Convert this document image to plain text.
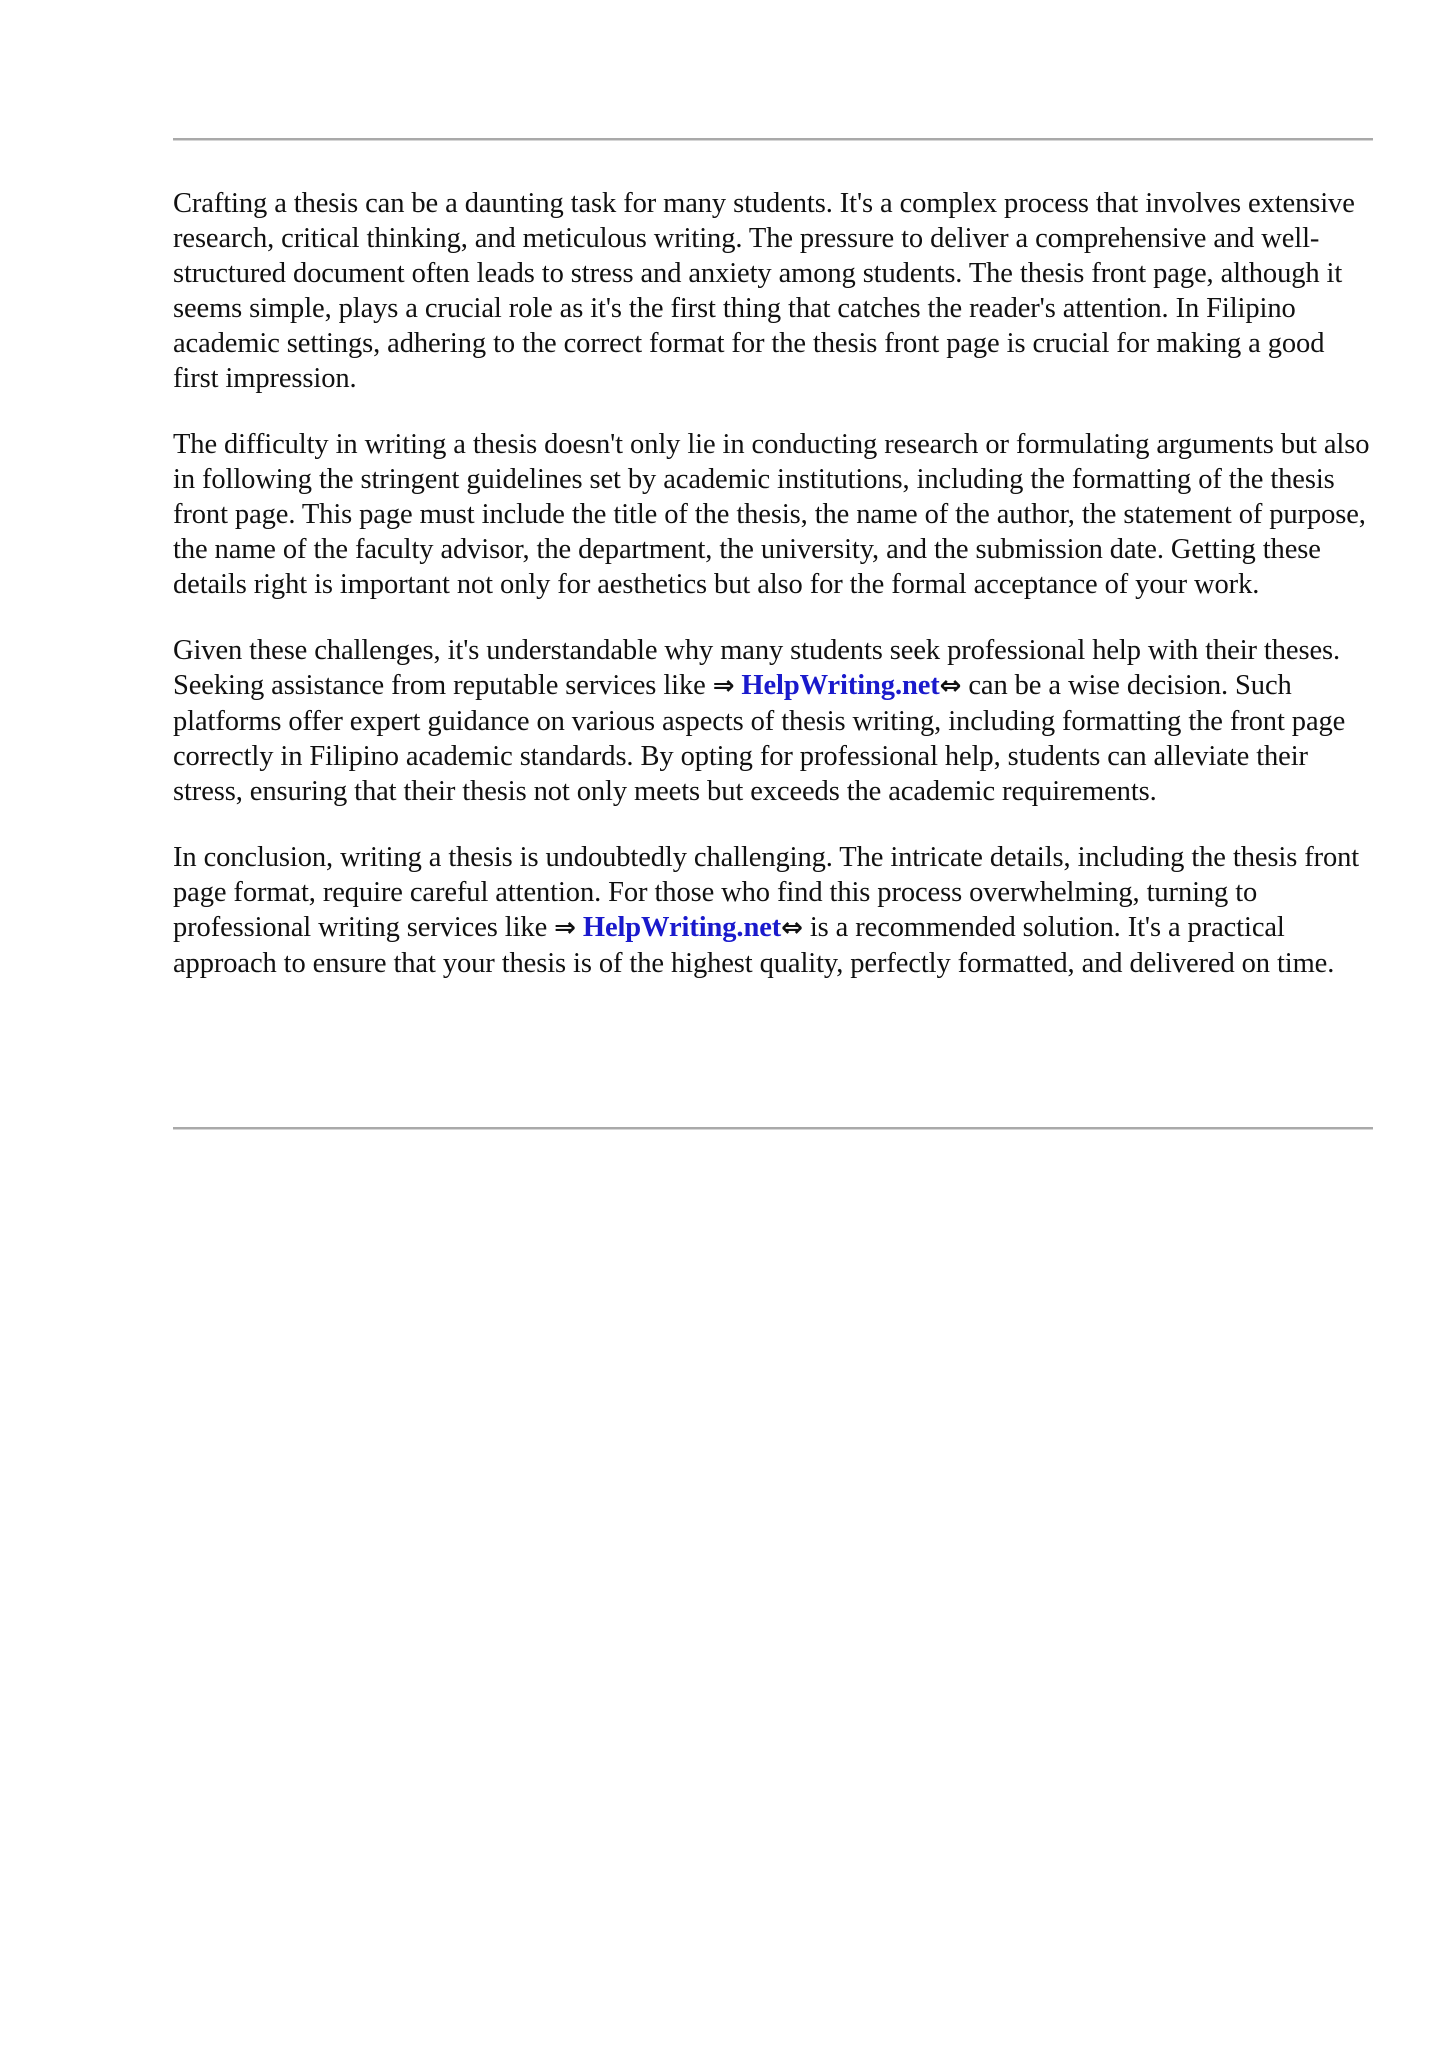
Crafting a thesis can be a daunting task for many students. It's a complex process that involves extensive research, critical thinking, and meticulous writing. The pressure to deliver a comprehensive and well-structured document often leads to stress and anxiety among students. The thesis front page, although it seems simple, plays a crucial role as it's the first thing that catches the reader's attention. In Filipino academic settings, adhering to the correct format for the thesis front page is crucial for making a good first impression.

The difficulty in writing a thesis doesn't only lie in conducting research or formulating arguments but also in following the stringent guidelines set by academic institutions, including the formatting of the thesis front page. This page must include the title of the thesis, the name of the author, the statement of purpose, the name of the faculty advisor, the department, the university, and the submission date. Getting these details right is important not only for aesthetics but also for the formal acceptance of your work.

Given these challenges, it's understandable why many students seek professional help with their theses. Seeking assistance from reputable services like ⇒ HelpWriting.net⇔ can be a wise decision. Such platforms offer expert guidance on various aspects of thesis writing, including formatting the front page correctly in Filipino academic standards. By opting for professional help, students can alleviate their stress, ensuring that their thesis not only meets but exceeds the academic requirements.

In conclusion, writing a thesis is undoubtedly challenging. The intricate details, including the thesis front page format, require careful attention. For those who find this process overwhelming, turning to professional writing services like ⇒ HelpWriting.net⇔ is a recommended solution. It's a practical approach to ensure that your thesis is of the highest quality, perfectly formatted, and delivered on time.
